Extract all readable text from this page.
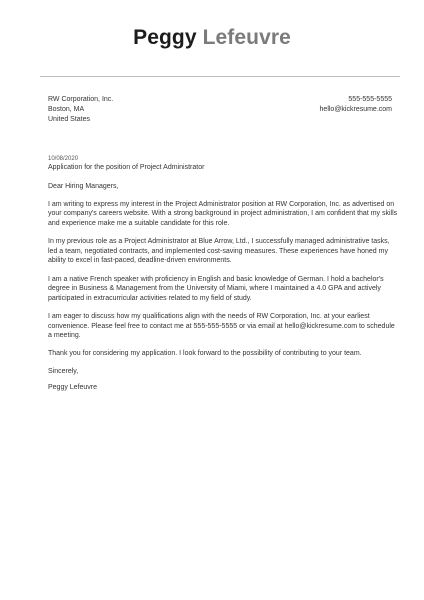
Peggy Lefeuvre
RW Corporation, Inc.
Boston, MA
United States
555-555-5555
hello@kickresume.com

10/08/2020

Application for the position of Project Administrator

Dear Hiring Managers,

I am writing to express my interest in the Project Administrator position at RW Corporation, Inc. as advertised on your company's careers website. With a strong background in project administration, I am confident that my skills and experience make me a suitable candidate for this role.

In my previous role as a Project Administrator at Blue Arrow, Ltd., I successfully managed administrative tasks, led a team, negotiated contracts, and implemented cost-saving measures. These experiences have honed my ability to excel in fast-paced, deadline-driven environments.

I am a native French speaker with proficiency in English and basic knowledge of German. I hold a bachelor's degree in Business & Management from the University of Miami, where I maintained a 4.0 GPA and actively participated in extracurricular activities related to my field of study.

I am eager to discuss how my qualifications align with the needs of RW Corporation, Inc. at your earliest convenience. Please feel free to contact me at 555-555-5555 or via email at hello@kickresume.com to schedule a meeting.

Thank you for considering my application. I look forward to the possibility of contributing to your team.

Sincerely,

Peggy Lefeuvre
